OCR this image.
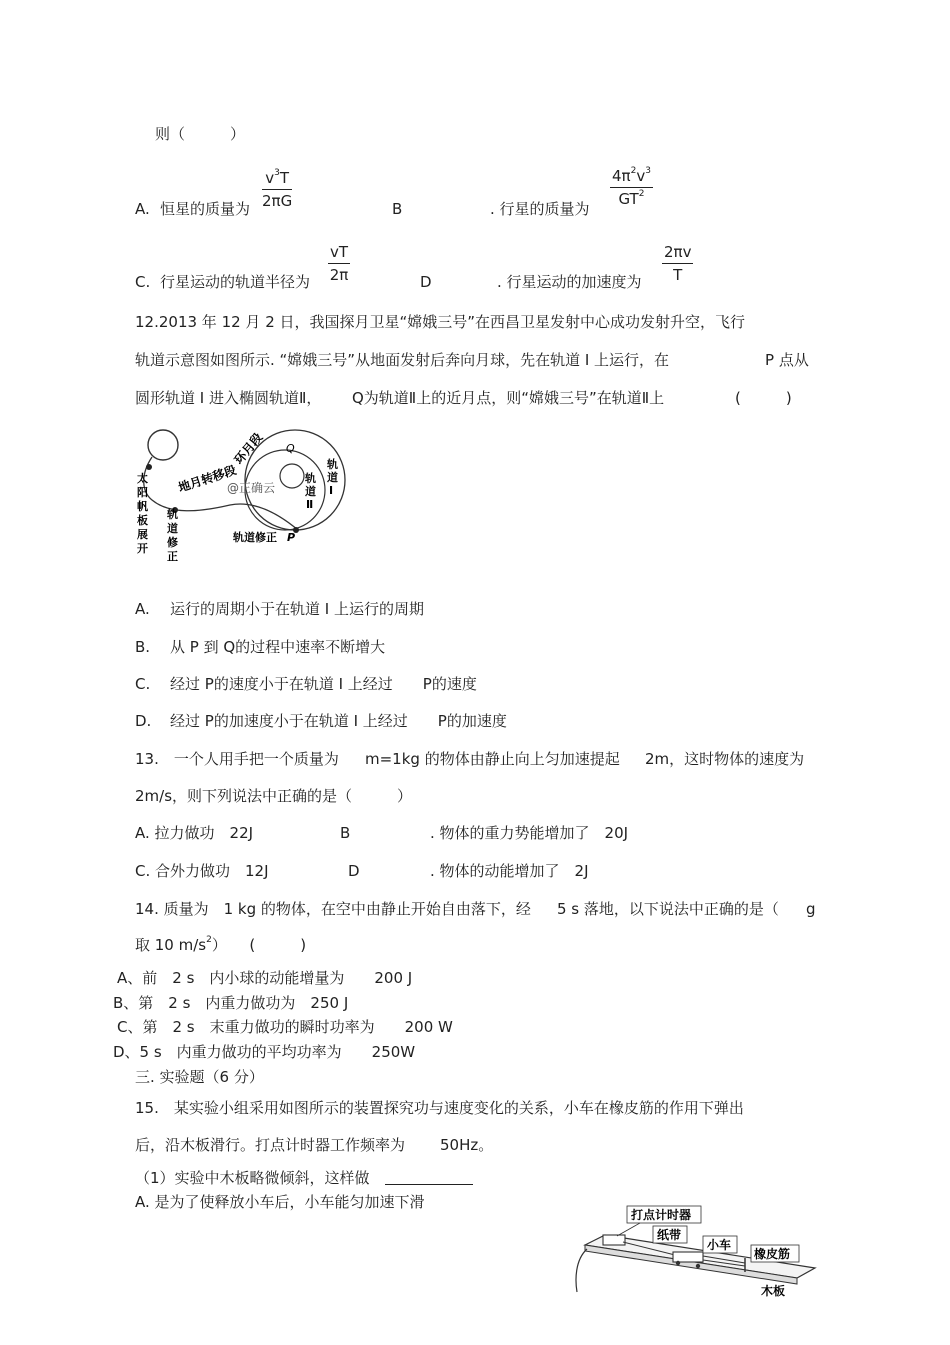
则（　　　）
A. 恒星的质量为 $\frac{v^3T}{2\pi G}$	B	. 行星的质量为 $\frac{4\pi^2v^3}{GT^2}$
C. 行星运动的轨道半径为 $\frac{vT}{2\pi}$	D	. 行星运动的加速度为 $\frac{2\pi v}{T}$
12.2013 年 12 月 2 日，我国探月卫星“嫦娥三号”在西昌卫星发射中心成功发射升空，飞行
轨道示意图如图所示. “嫦娥三号”从地面发射后奔向月球，先在轨道 I 上运行，在	P 点从
圆形轨道 I 进入椭圆轨道Ⅱ， Q为轨道Ⅱ上的近月点，则“嫦娥三号”在轨道Ⅱ上	(　　　)
Q
环月段
地月转移段
@正确云
轨 道 I
轨 道 Ⅱ
太 阳 帆 板 展 开
轨 道 修 正
轨道修正 P
A. 运行的周期小于在轨道 I 上运行的周期
B. 从 P 到 Q的过程中速率不断增大
C. 经过 P的速度小于在轨道 I 上经过　　P的速度
D. 经过 P的加速度小于在轨道 I 上经过　　P的加速度
13.　一个人用手把一个质量为 m=1kg 的物体由静止向上匀加速提起 2m，这时物体的速度为
2m/s，则下列说法中正确的是（　　　）
A. 拉力做功　22J	B	. 物体的重力势能增加了　20J
C. 合外力做功　12J	D	. 物体的动能增加了　2J
14. 质量为　1 kg 的物体，在空中由静止开始自由落下，经 5 s 落地，以下说法中正确的是（ g
取 10 $m/s^2$）　　(　　　)
A、前　2 s　内小球的动能增量为　　200 J
B、第　2 s　内重力做功为　250 J
C、第　2 s　末重力做功的瞬时功率为　　200 W
D、5 s　内重力做功的平均功率为　　250W
三. 实验题（6 分）
15.　某实验小组采用如图所示的装置探究功与速度变化的关系，小车在橡皮筋的作用下弹出
后，沿木板滑行。打点计时器工作频率为 50Hz。
（1）实验中木板略微倾斜，这样做　
A. 是为了使释放小车后，小车能匀加速下滑
打点计时器
纸带
小车
橡皮筋
木板
